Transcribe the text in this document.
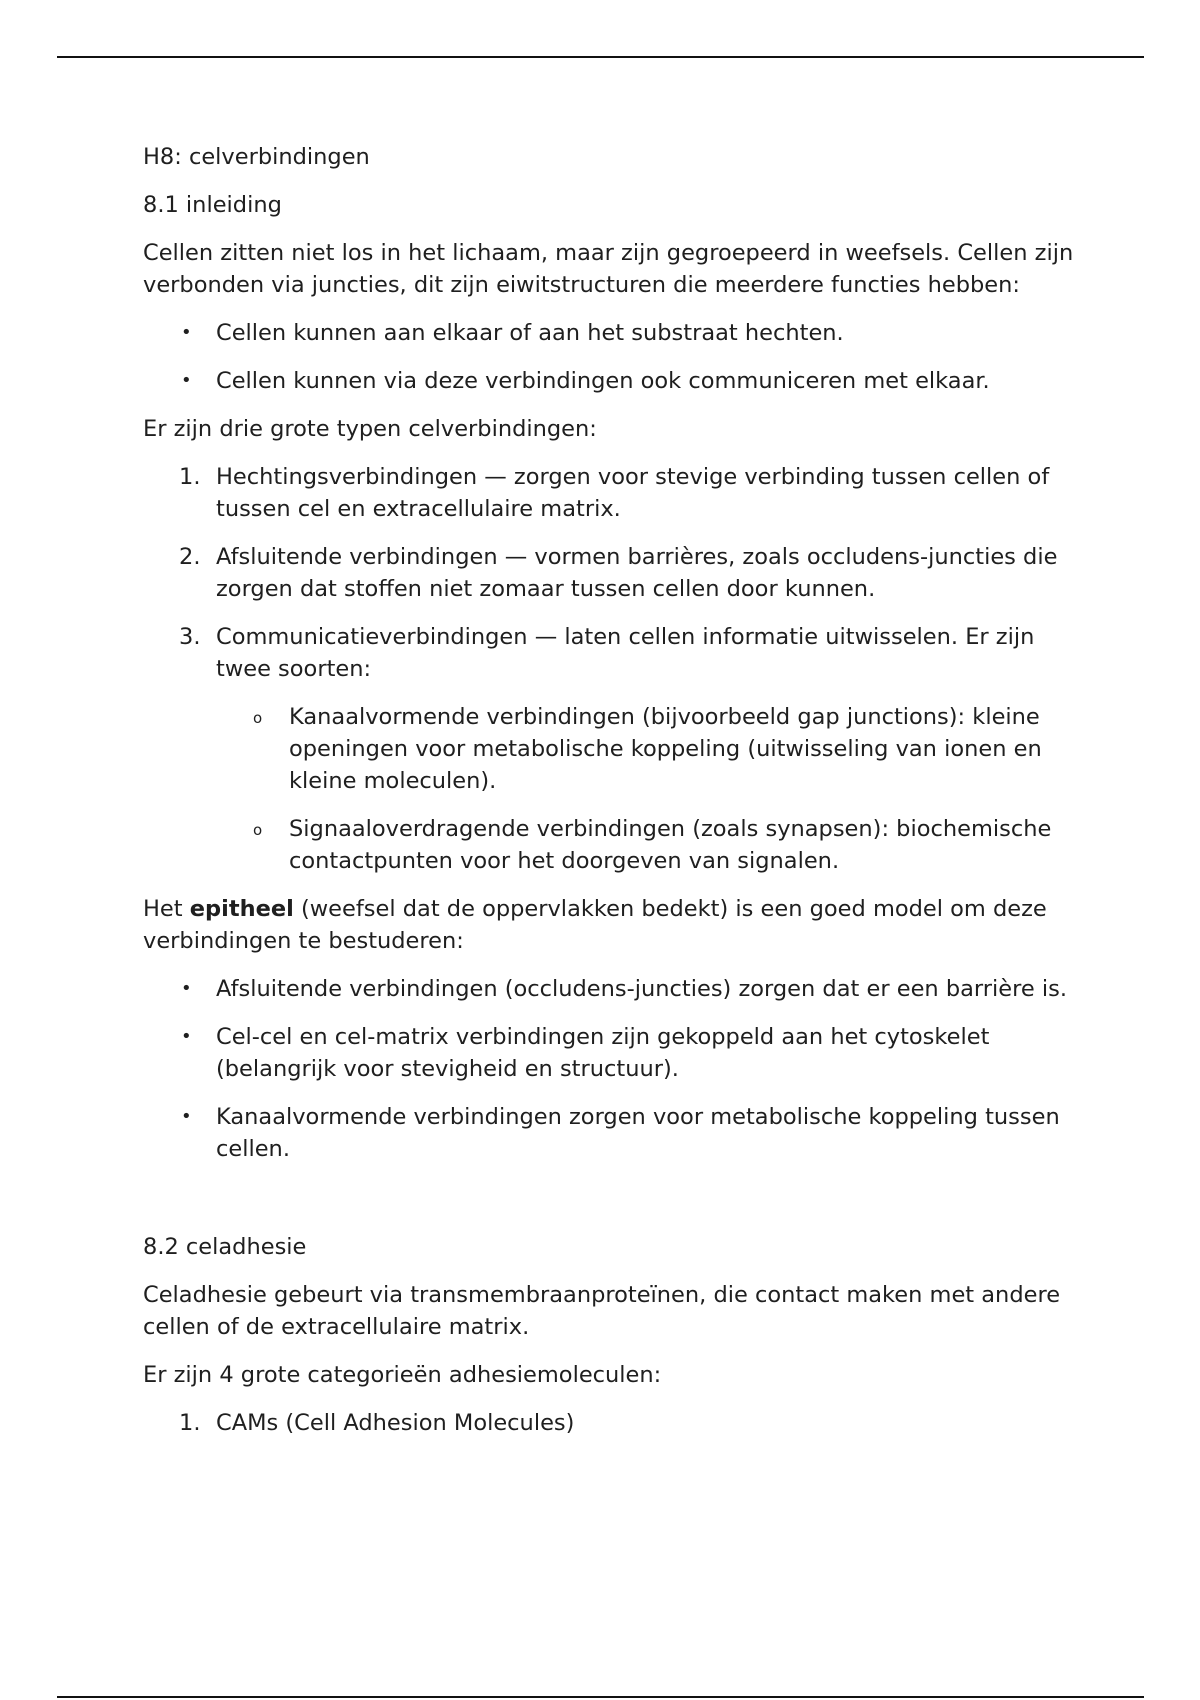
H8: celverbindingen

8.1 inleiding

Cellen zitten niet los in het lichaam, maar zijn gegroepeerd in weefsels. Cellen zijn verbonden via juncties, dit zijn eiwitstructuren die meerdere functies hebben:

•	Cellen kunnen aan elkaar of aan het substraat hechten.
•	Cellen kunnen via deze verbindingen ook communiceren met elkaar.

Er zijn drie grote typen celverbindingen:

1. Hechtingsverbindingen — zorgen voor stevige verbinding tussen cellen of tussen cel en extracellulaire matrix.
2. Afsluitende verbindingen — vormen barrières, zoals occludens-juncties die zorgen dat stoffen niet zomaar tussen cellen door kunnen.
3. Communicatieverbindingen — laten cellen informatie uitwisselen. Er zijn twee soorten:
o	Kanaalvormende verbindingen (bijvoorbeeld gap junctions): kleine openingen voor metabolische koppeling (uitwisseling van ionen en kleine moleculen).
o	Signaaloverdragende verbindingen (zoals synapsen): biochemische contactpunten voor het doorgeven van signalen.

Het epitheel (weefsel dat de oppervlakken bedekt) is een goed model om deze verbindingen te bestuderen:

•	Afsluitende verbindingen (occludens-juncties) zorgen dat er een barrière is.
•	Cel-cel en cel-matrix verbindingen zijn gekoppeld aan het cytoskelet (belangrijk voor stevigheid en structuur).
•	Kanaalvormende verbindingen zorgen voor metabolische koppeling tussen cellen.

8.2 celadhesie

Celadhesie gebeurt via transmembraanproteïnen, die contact maken met andere cellen of de extracellulaire matrix.

Er zijn 4 grote categorieën adhesiemoleculen:

1. CAMs (Cell Adhesion Molecules)
